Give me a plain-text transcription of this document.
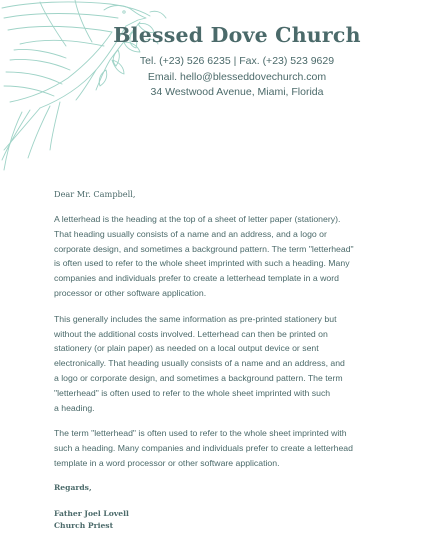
Blessed Dove Church
Tel. (+23) 526 6235 | Fax. (+23) 523 9629
Email. hello@blesseddovechurch.com
34 Westwood Avenue, Miami, Florida
Dear Mr. Campbell,

A letterhead is the heading at the top of a sheet of letter paper (stationery).
That heading usually consists of a name and an address, and a logo or
corporate design, and sometimes a background pattern. The term "letterhead"
is often used to refer to the whole sheet imprinted with such a heading. Many
companies and individuals prefer to create a letterhead template in a word
processor or other software application.

This generally includes the same information as pre-printed stationery but
without the additional costs involved. Letterhead can then be printed on
stationery (or plain paper) as needed on a local output device or sent
electronically. That heading usually consists of a name and an address, and
a logo or corporate design, and sometimes a background pattern. The term
"letterhead" is often used to refer to the whole sheet imprinted with such
a heading.

The term "letterhead" is often used to refer to the whole sheet imprinted with
such a heading. Many companies and individuals prefer to create a letterhead
template in a word processor or other software application.

Regards,
Father Joel Lovell
Church Priest
